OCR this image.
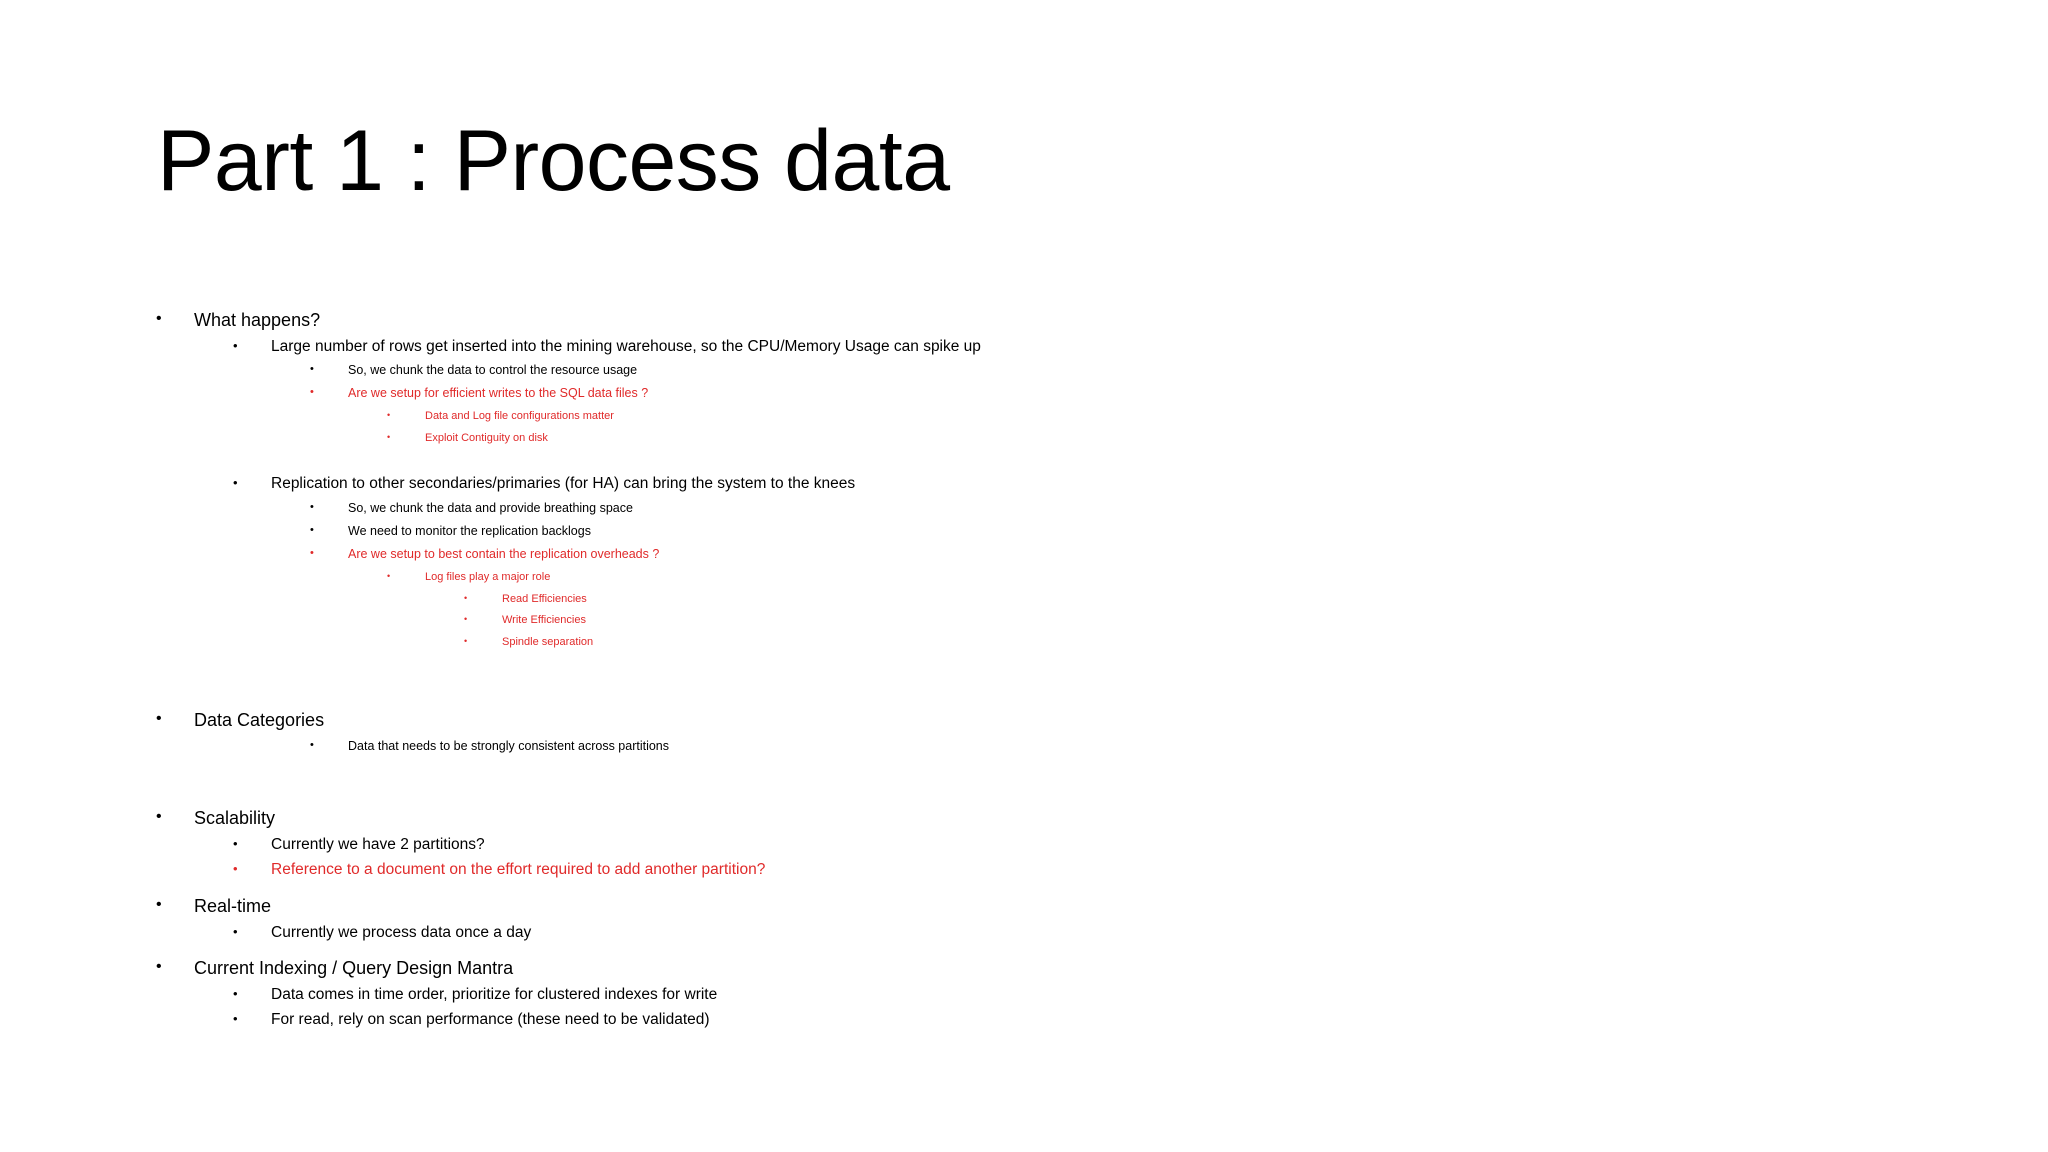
Part 1 : Process data
• What happens?
• Large number of rows get inserted into the mining warehouse, so the CPU/Memory Usage can spike up
•	So, we chunk the data to control the resource usage
•	Are we setup for efficient writes to the SQL data files ?
•	Data and Log file configurations matter
•	Exploit Contiguity on disk
• Replication to other secondaries/primaries (for HA) can bring the system to the knees
•	So, we chunk the data and provide breathing space
•	We need to monitor the replication backlogs
•	Are we setup to best contain the replication overheads ?
•	Log files play a major role
•	Read Efficiencies
•	Write Efficiencies
•	Spindle separation
• Data Categories
•	Data that needs to be strongly consistent across partitions
• Scalability
• Currently we have 2 partitions?
• Reference to a document on the effort required to add another partition?
• Real-time
• Currently we process data once a day
• Current Indexing / Query Design Mantra
• Data comes in time order, prioritize for clustered indexes for write
• For read, rely on scan performance (these need to be validated)
